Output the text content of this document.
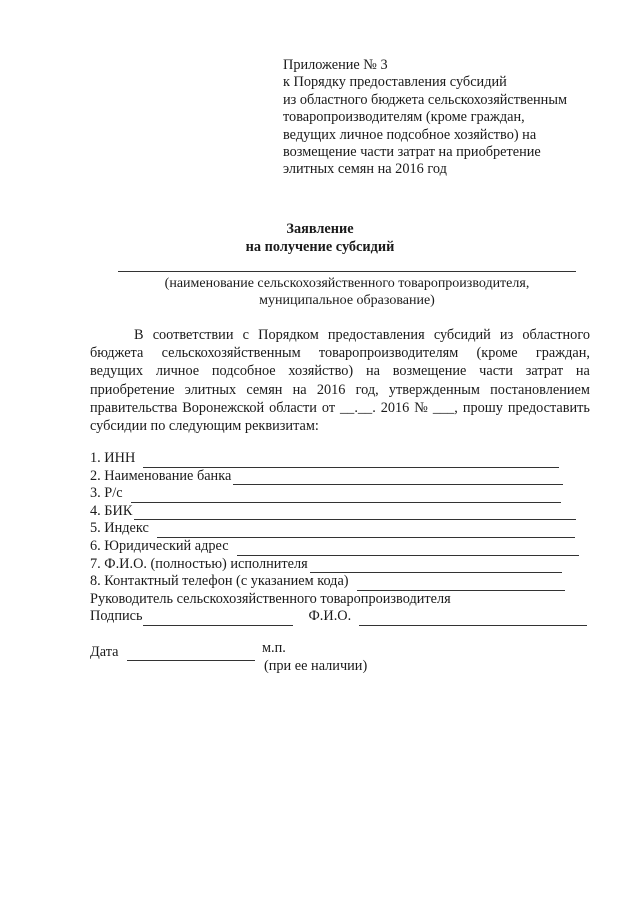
Приложение № 3
к Порядку предоставления субсидий
из областного бюджета сельскохозяйственным
товаропроизводителям (кроме граждан,
ведущих личное подсобное хозяйство) на
возмещение части затрат на приобретение
элитных семян на 2016 год
Заявление
на получение субсидий
(наименование сельскохозяйственного товаропроизводителя,
муниципальное образование)
В соответствии с Порядком предоставления субсидий из областного
бюджета сельскохозяйственным товаропроизводителям (кроме граждан,
ведущих личное подсобное хозяйство) на возмещение части затрат на
приобретение элитных семян на 2016 год, утвержденным постановлением
правительства Воронежской области от __.__. 2016 № ___, прошу предоставить
субсидии по следующим реквизитам:
1. ИНН
2. Наименование банка
3. Р/с
4. БИК
5. Индекс
6. Юридический адрес
7. Ф.И.О. (полностью) исполнителя
8. Контактный телефон (с указанием кода)
Руководитель сельскохозяйственного товаропроизводителя
Подпись	Ф.И.О.
Дата	м.п.
(при ее наличии)
